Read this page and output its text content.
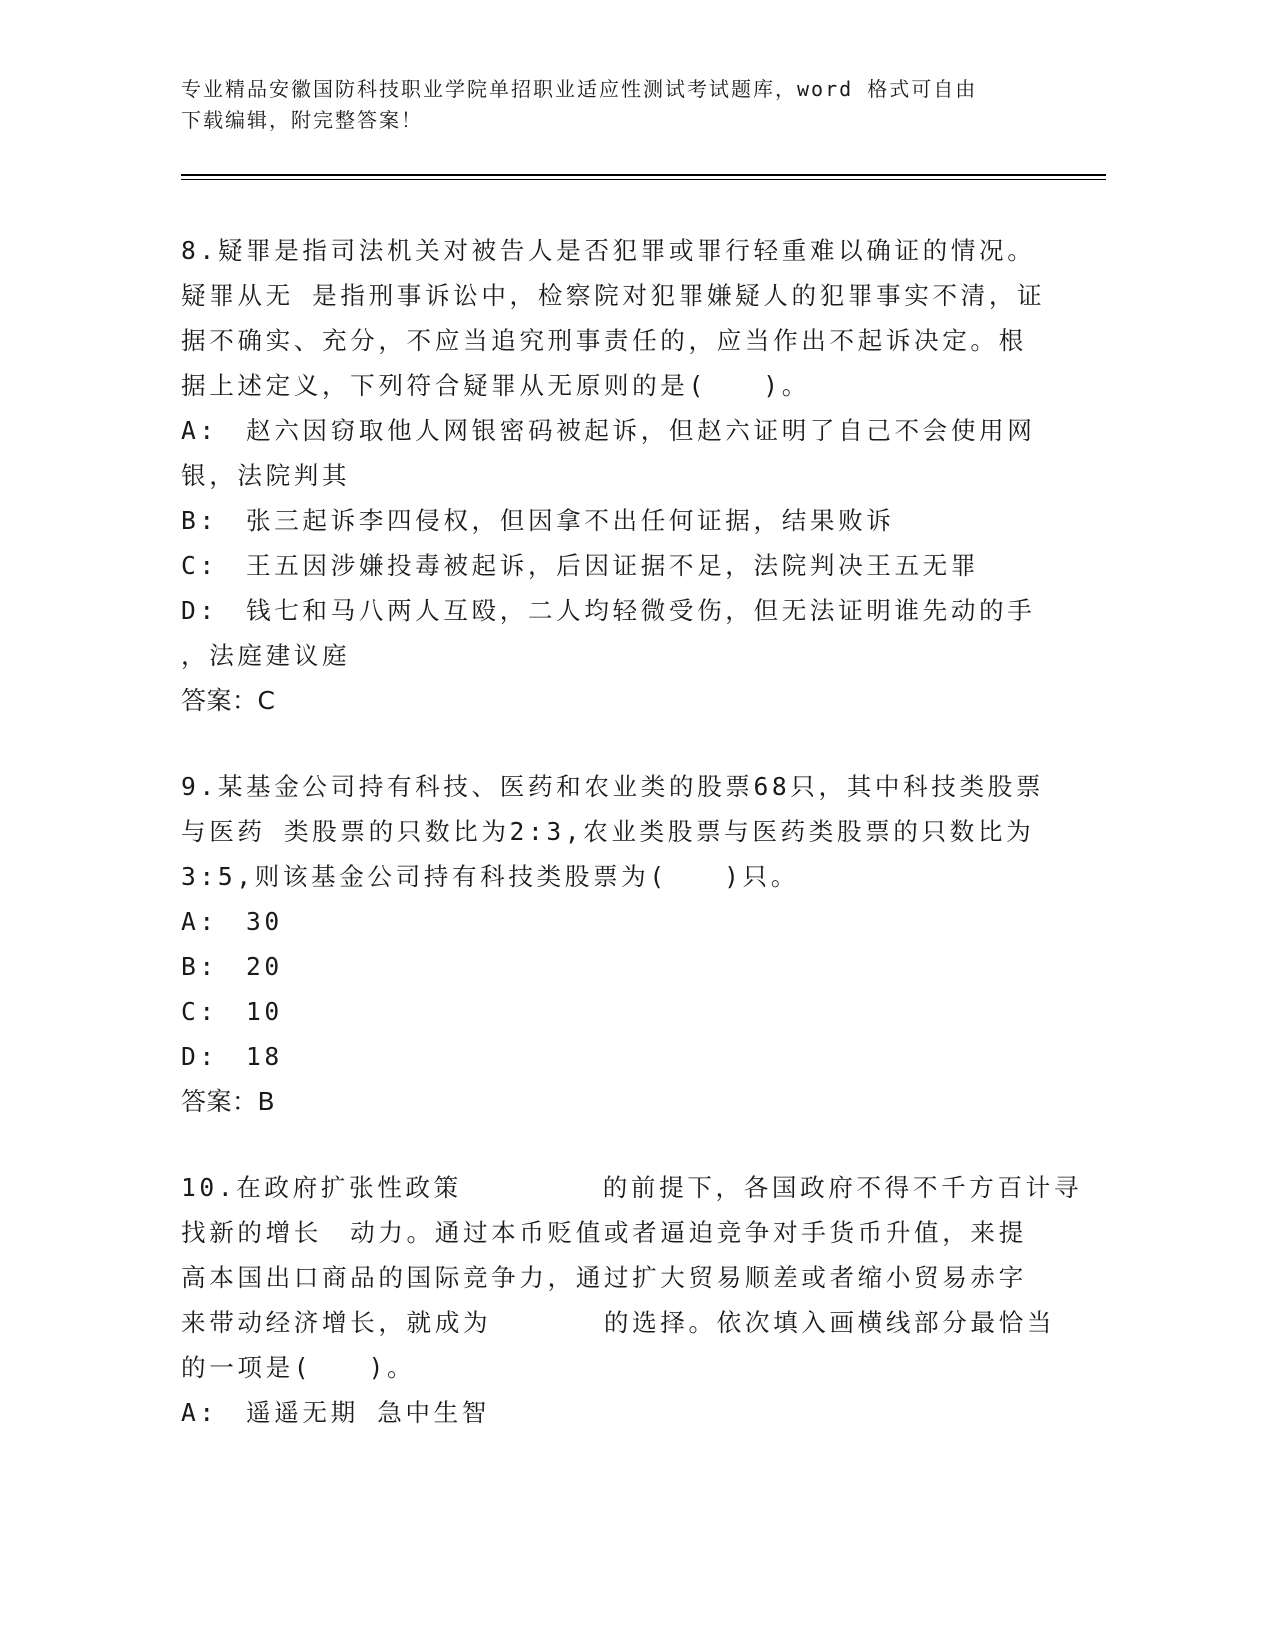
专业精品安徽国防科技职业学院单招职业适应性测试考试题库，word 格式可自由
下载编辑，附完整答案！

8.疑罪是指司法机关对被告人是否犯罪或罪行轻重难以确证的情况。

疑罪从无 是指刑事诉讼中，检察院对犯罪嫌疑人的犯罪事实不清，证

据不确实、充分，不应当追究刑事责任的，应当作出不起诉决定。根

据上述定义，下列符合疑罪从无原则的是(　　)。

A:　赵六因窃取他人网银密码被起诉，但赵六证明了自己不会使用网

银，法院判其

B:　张三起诉李四侵权，但因拿不出任何证据，结果败诉

C:　王五因涉嫌投毒被起诉，后因证据不足，法院判决王五无罪

D:　钱七和马八两人互殴，二人均轻微受伤，但无法证明谁先动的手

，法庭建议庭

答案：C

9.某基金公司持有科技、医药和农业类的股票68只，其中科技类股票

与医药 类股票的只数比为2:3,农业类股票与医药类股票的只数比为

3:5,则该基金公司持有科技类股票为(　　)只。

A:　30

B:　20

C:　10

D:　18

答案：B

10.在政府扩张性政策　　　　　的前提下，各国政府不得不千方百计寻

找新的增长　动力。通过本币贬值或者逼迫竞争对手货币升值，来提

高本国出口商品的国际竞争力，通过扩大贸易顺差或者缩小贸易赤字

来带动经济增长，就成为　　　　的选择。依次填入画横线部分最恰当

的一项是(　　)。

A:　遥遥无期 急中生智
